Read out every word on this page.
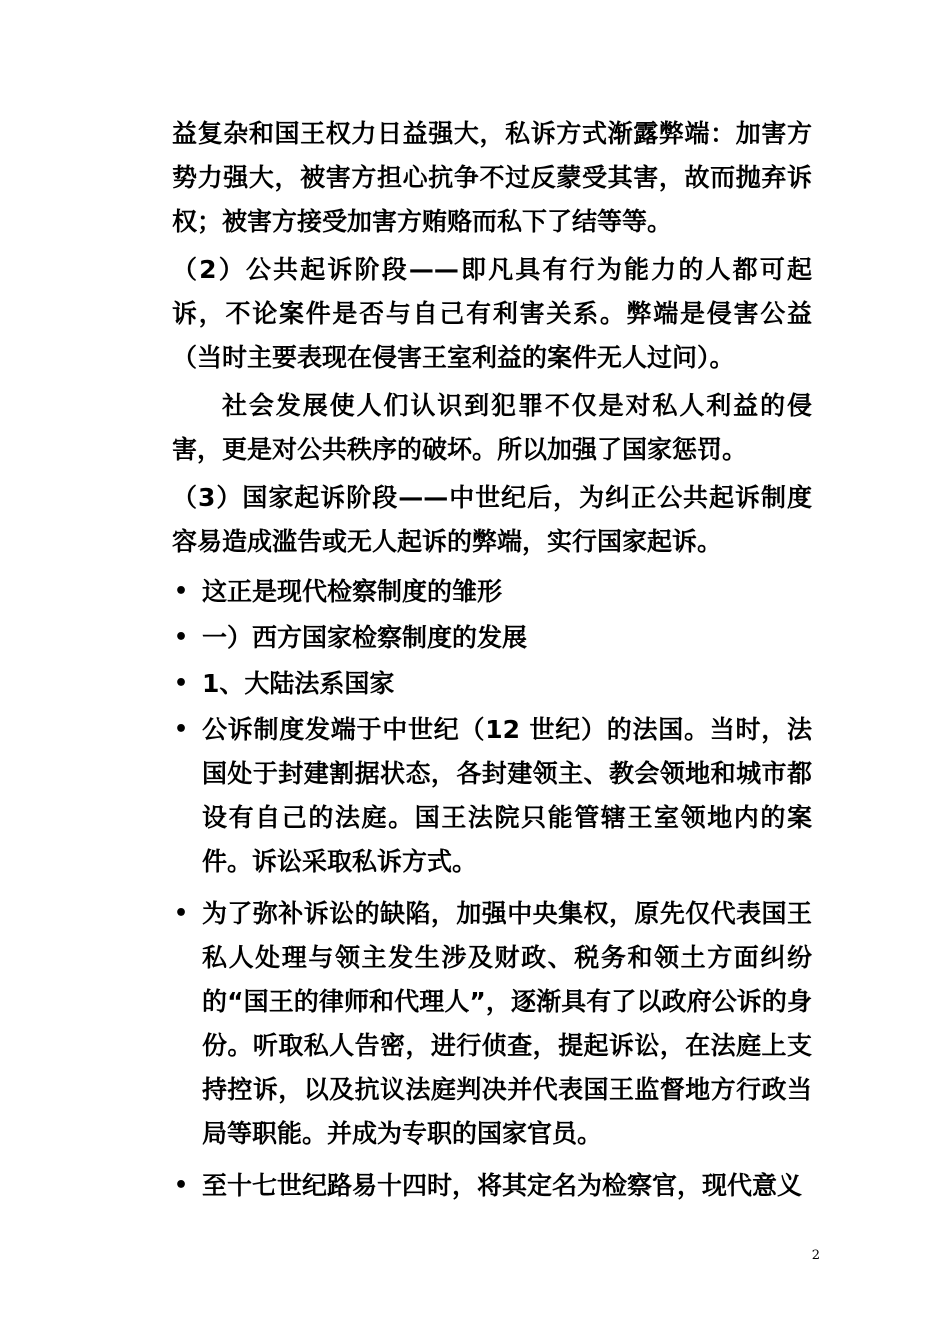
益复杂和国王权力日益强大，私诉方式渐露弊端：加害方势力强大，被害方担心抗争不过反蒙受其害，故而抛弃诉权；被害方接受加害方贿赂而私下了结等等。

（2）公共起诉阶段——即凡具有行为能力的人都可起诉，不论案件是否与自己有利害关系。弊端是侵害公益（当时主要表现在侵害王室利益的案件无人过问）。

社会发展使人们认识到犯罪不仅是对私人利益的侵害，更是对公共秩序的破坏。所以加强了国家惩罚。

（3）国家起诉阶段——中世纪后，为纠正公共起诉制度容易造成滥告或无人起诉的弊端，实行国家起诉。

• 这正是现代检察制度的雏形
• 一）西方国家检察制度的发展
• 1、大陆法系国家
• 公诉制度发端于中世纪（12 世纪）的法国。当时，法国处于封建割据状态，各封建领主、教会领地和城市都设有自己的法庭。国王法院只能管辖王室领地内的案件。诉讼采取私诉方式。
• 为了弥补诉讼的缺陷，加强中央集权，原先仅代表国王私人处理与领主发生涉及财政、税务和领土方面纠纷的“国王的律师和代理人”，逐渐具有了以政府公诉的身份。听取私人告密，进行侦查，提起诉讼，在法庭上支持控诉，以及抗议法庭判决并代表国王监督地方行政当局等职能。并成为专职的国家官员。
• 至十七世纪路易十四时，将其定名为检察官，现代意义
2
